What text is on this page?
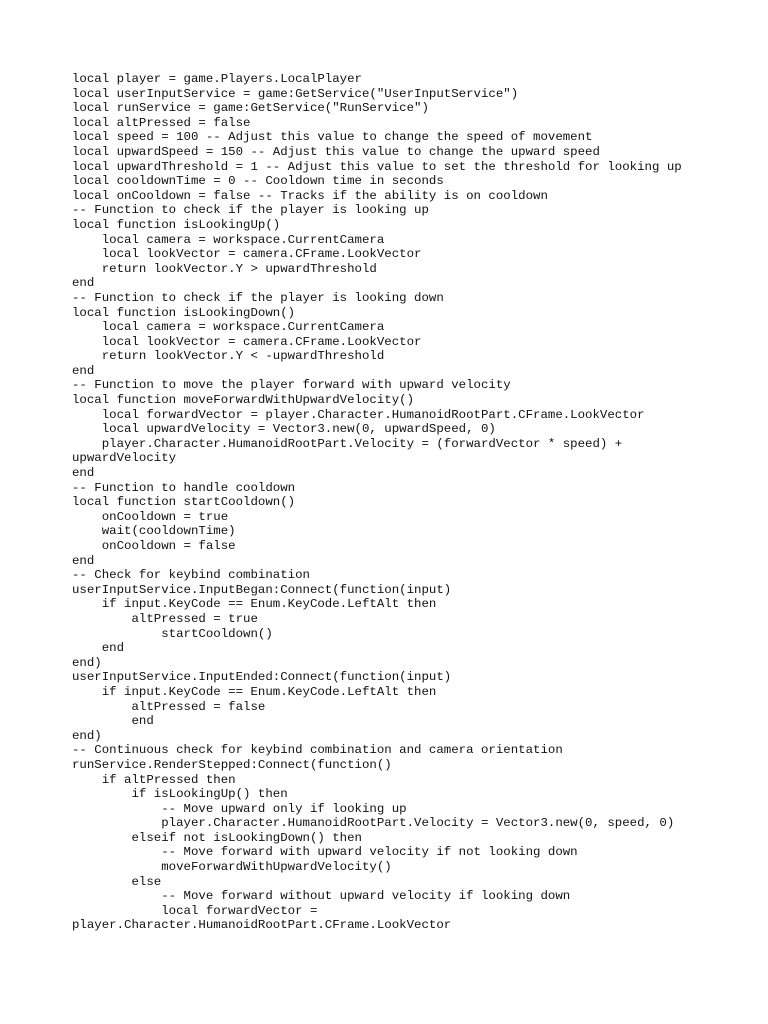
local player = game.Players.LocalPlayer
local userInputService = game:GetService("UserInputService")
local runService = game:GetService("RunService")
local altPressed = false
local speed = 100 -- Adjust this value to change the speed of movement
local upwardSpeed = 150 -- Adjust this value to change the upward speed
local upwardThreshold = 1 -- Adjust this value to set the threshold for looking up
local cooldownTime = 0 -- Cooldown time in seconds
local onCooldown = false -- Tracks if the ability is on cooldown
-- Function to check if the player is looking up
local function isLookingUp()
local camera = workspace.CurrentCamera
local lookVector = camera.CFrame.LookVector
return lookVector.Y > upwardThreshold
end
-- Function to check if the player is looking down
local function isLookingDown()
local camera = workspace.CurrentCamera
local lookVector = camera.CFrame.LookVector
return lookVector.Y < -upwardThreshold
end
-- Function to move the player forward with upward velocity
local function moveForwardWithUpwardVelocity()
local forwardVector = player.Character.HumanoidRootPart.CFrame.LookVector
local upwardVelocity = Vector3.new(0, upwardSpeed, 0)
player.Character.HumanoidRootPart.Velocity = (forwardVector * speed) +
upwardVelocity
end
-- Function to handle cooldown
local function startCooldown()
onCooldown = true
wait(cooldownTime)
onCooldown = false
end
-- Check for keybind combination
userInputService.InputBegan:Connect(function(input)
if input.KeyCode == Enum.KeyCode.LeftAlt then
altPressed = true
startCooldown()
end
end)
userInputService.InputEnded:Connect(function(input)
if input.KeyCode == Enum.KeyCode.LeftAlt then
altPressed = false
end
end)
-- Continuous check for keybind combination and camera orientation
runService.RenderStepped:Connect(function()
if altPressed then
if isLookingUp() then
-- Move upward only if looking up
player.Character.HumanoidRootPart.Velocity = Vector3.new(0, speed, 0)
elseif not isLookingDown() then
-- Move forward with upward velocity if not looking down
moveForwardWithUpwardVelocity()
else
-- Move forward without upward velocity if looking down
local forwardVector =
player.Character.HumanoidRootPart.CFrame.LookVector
